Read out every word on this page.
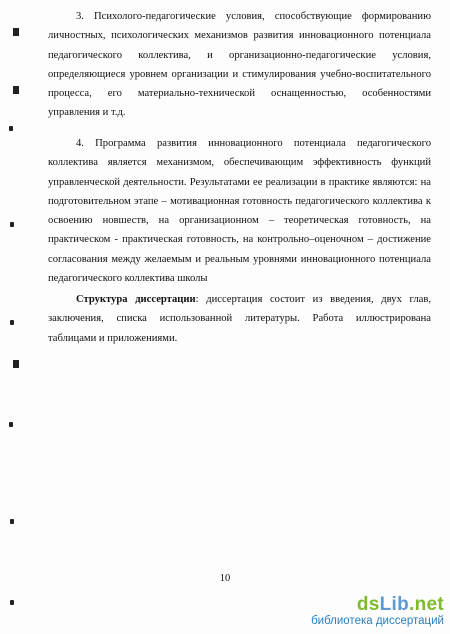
3. Психолого-педагогические условия, способствующие формированию личностных, психологических механизмов развития инновационного потенциала педагогического коллектива, и организационно-педагогические условия, определяющиеся уровнем организации и стимулирования учебно-воспитательного процесса, его материально-технической оснащенностью, особенностями управления и т.д.

4. Программа развития инновационного потенциала педагогического коллектива является механизмом, обеспечивающим эффективность функций управленческой деятельности. Результатами ее реализации в практике являются: на подготовительном этапе – мотивационная готовность педагогического коллектива к освоению новшеств, на организационном – теоретическая готовность, на практическом - практическая готовность, на контрольно–оценочном – достижение согласования между желаемым и реальным уровнями инновационного потенциала педагогического коллектива школы

Структура диссертации: диссертация состоит из введения, двух глав, заключения, списка использованной литературы. Работа иллюстрирована таблицами и приложениями.

10
dsLib.net
библиотека диссертаций
